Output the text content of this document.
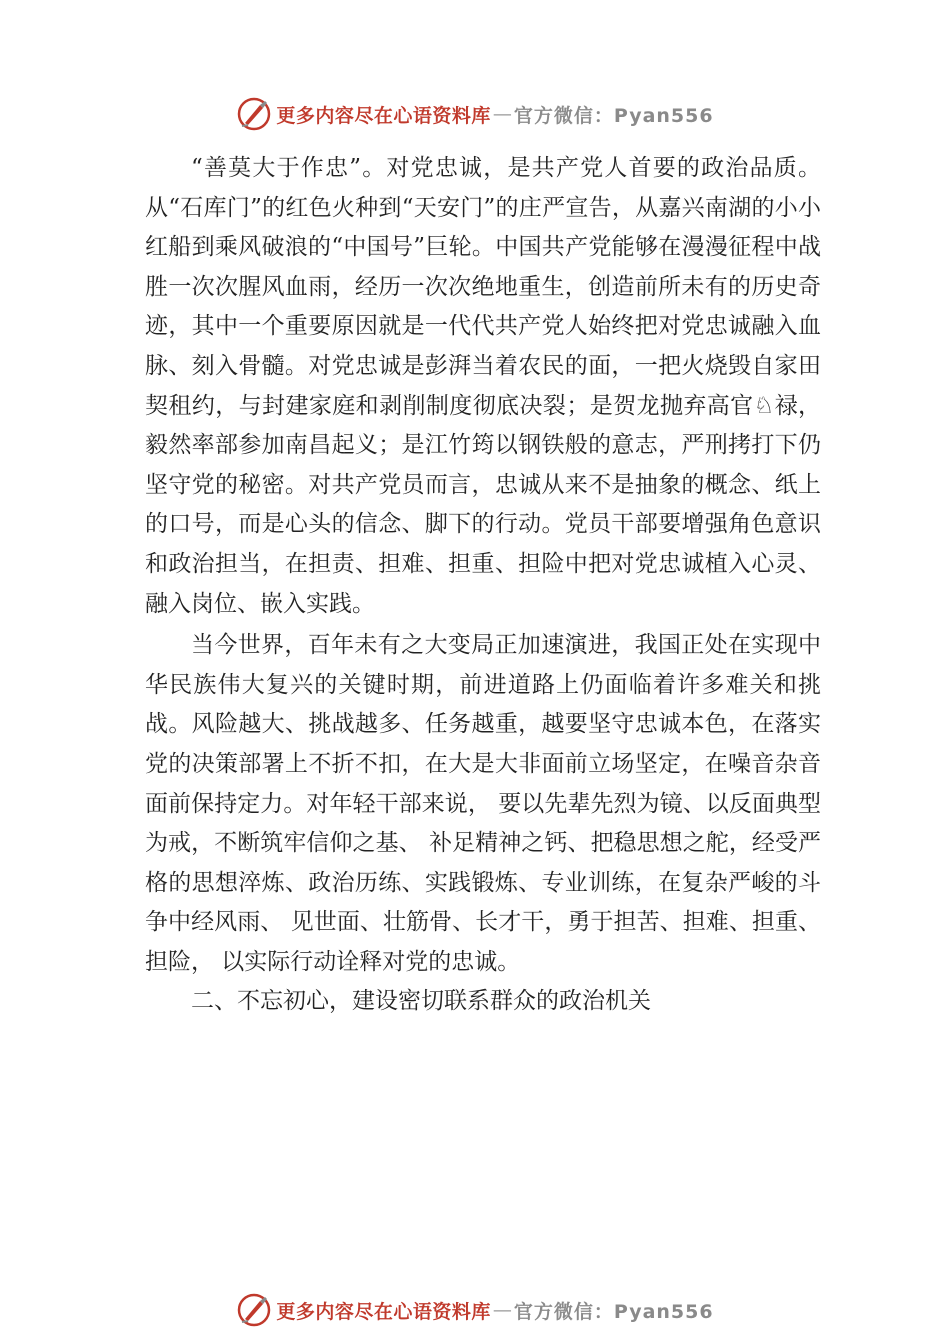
更多内容尽在心语资料库 — 官方微信：Pyan556

“善莫大于作忠”。对党忠诚，是共产党人首要的政治品质。从“石库门”的红色火种到“天安门”的庄严宣告，从嘉兴南湖的小小红船到乘风破浪的“中国号”巨轮。中国共产党能够在漫漫征程中战胜一次次腥风血雨，经历一次次绝地重生，创造前所未有的历史奇迹，其中一个重要原因就是一代代共产党人始终把对党忠诚融入血脉、刻入骨髓。对党忠诚是彭湃当着农民的面，一把火烧毁自家田契租约，与封建家庭和剥削制度彻底决裂；是贺龙抛弃高官♘禄，毅然率部参加南昌起义；是江竹筠以钢铁般的意志，严刑拷打下仍坚守党的秘密。对共产党员而言，忠诚从来不是抽象的概念、纸上的口号，而是心头的信念、脚下的行动。党员干部要增强角色意识和政治担当，在担责、担难、担重、担险中把对党忠诚植入心灵、融入岗位、嵌入实践。

当今世界，百年未有之大变局正加速演进，我国正处在实现中华民族伟大复兴的关键时期，前进道路上仍面临着许多难关和挑战。风险越大、挑战越多、任务越重，越要坚守忠诚本色，在落实党的决策部署上不折不扣，在大是大非面前立场坚定，在噪音杂音面前保持定力。对年轻干部来说， 要以先辈先烈为镜、以反面典型为戒，不断筑牢信仰之基、 补足精神之钙、把稳思想之舵，经受严格的思想淬炼、政治历练、实践锻炼、专业训练，在复杂严峻的斗争中经风雨、 见世面、壮筋骨、长才干，勇于担苦、担难、担重、担险， 以实际行动诠释对党的忠诚。

二、不忘初心，建设密切联系群众的政治机关

更多内容尽在心语资料库 — 官方微信：Pyan556
